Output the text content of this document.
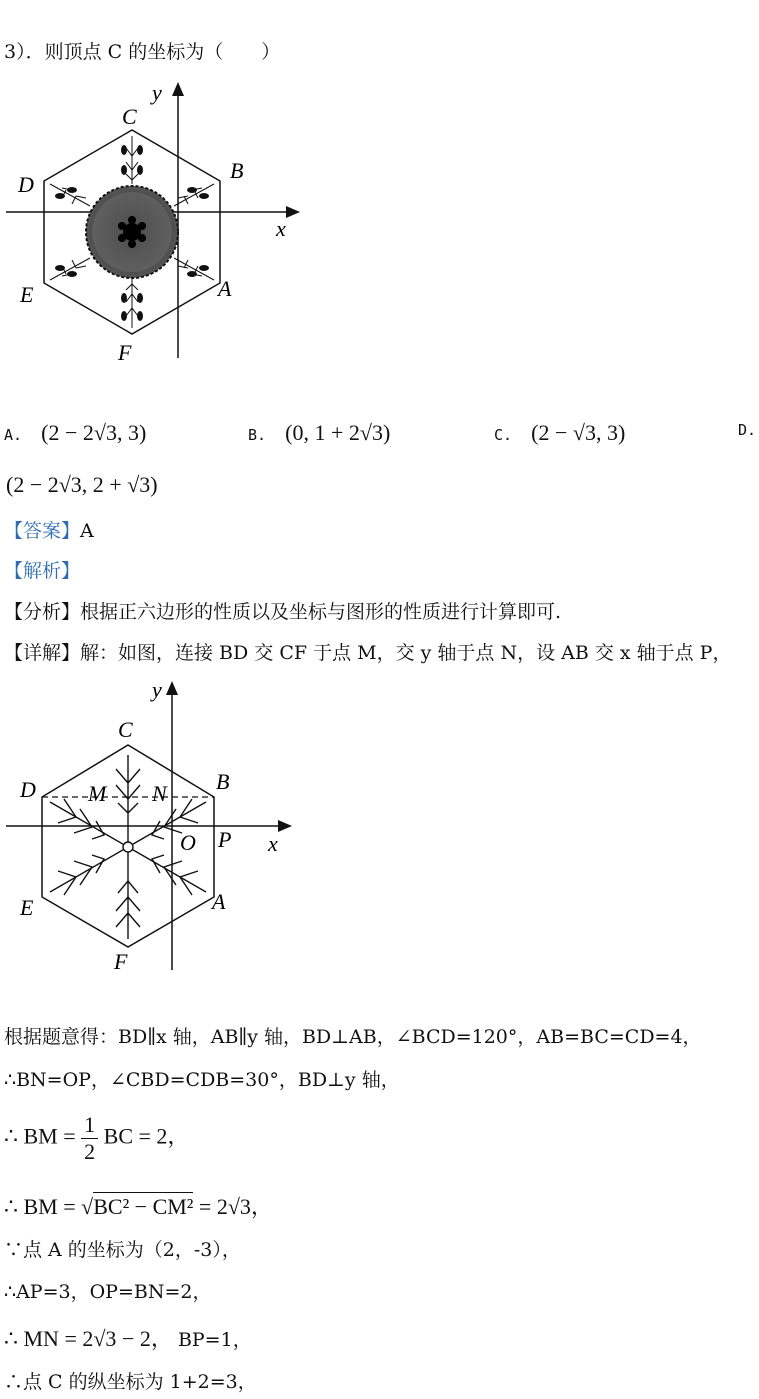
3）．则顶点 C 的坐标为（　　）
y
x
C
B
D
E	A
F
A. (2 − 2√3, 3)	B. (0, 1 + 2√3)	C. (2 − √3, 3)	D.
(2 − 2√3, 2 + √3)
【答案】A
【解析】
【分析】根据正六边形的性质以及坐标与图形的性质进行计算即可.
【详解】解：如图，连接 BD 交 CF 于点 M，交 y 轴于点 N，设 AB 交 x 轴于点 P，
y
x
C
B
D M N
O P
E	A
F
根据题意得：BD∥x 轴，AB∥y 轴，BD⊥AB，∠BCD=120°，AB=BC=CD=4，
∴BN=OP，∠CBD=CDB=30°，BD⊥y 轴，
∴ BM = $\frac{1}{2}$ BC = 2，
∴ BM = √BC² − CM² = 2√3，
∵点 A 的坐标为（2，-3），
∴AP=3，OP=BN=2，
∴ MN = 2√3 − 2， BP=1，
∴点 C 的纵坐标为 1+2=3，
